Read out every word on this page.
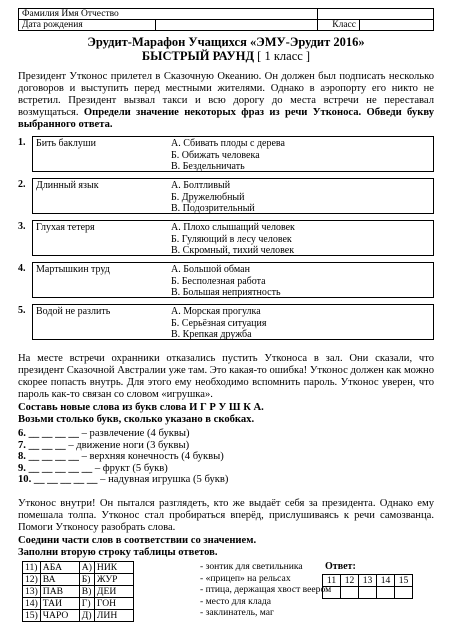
Фамилия Имя Отчество			
Дата рождения		Класс	
Эрудит-Марафон Учащихся «ЭМУ-Эрудит 2016»
БЫСТРЫЙ РАУНД [ 1 класс ]
Президент Утконос прилетел в Сказочную Океанию. Он должен был подписать несколько договоров и выступить перед местными жителями. Однако в аэропорту его никто не встретил. Президент вызвал такси и всю дорогу до места встречи не переставал возмущаться. Определи значение некоторых фраз из речи Утконоса. Обведи букву выбранного ответа.
1.	Бить баклуши	А. Сбивать плоды с дерева
Б. Обижать человека
В. Бездельничать
2.	Длинный язык	А. Болтливый
Б. Дружелюбный
В. Подозрительный
3.	Глухая тетеря	А. Плохо слышащий человек
Б. Гуляющий в лесу человек
В. Скромный, тихий человек
4.	Мартышкин труд	А. Большой обман
Б. Бесполезная работа
В. Большая неприятность
5.	Водой не разлить	А. Морская прогулка
Б. Серьёзная ситуация
В. Крепкая дружба
На месте встречи охранники отказались пустить Утконоса в зал. Они сказали, что президент Сказочной Австралии уже там. Это какая-то ошибка! Утконос должен как можно скорее попасть внутрь. Для этого ему необходимо вспомнить пароль. Утконос уверен, что пароль как-то связан со словом «игрушка».
Составь новые слова из букв слова И Г Р У Ш К А.
Возьми столько букв, сколько указано в скобках.
6. __ __ __ __ – развлечение (4 буквы)
7. __ __ __ – движение ноги (3 буквы)
8. __ __ __ __ – верхняя конечность (4 буквы)
9. __ __ __ __ __ – фрукт (5 букв)
10. __ __ __ __ __ – надувная игрушка (5 букв)
Утконос внутри! Он пытался разглядеть, кто же выдаёт себя за президента. Однако ему помешала толпа. Утконос стал пробираться вперёд, прислушиваясь к речи самозванца. Помоги Утконосу разобрать слова.
Соедини части слов в соответствии со значением.
Заполни вторую строку таблицы ответов.
11)	АБА	А)	НИК
12)	ВА	Б)	ЖУР
13)	ПАВ	В)	ДЕИ
14)	ТАИ	Г)	ГОН
15)	ЧАРО	Д)	ЛИН
- зонтик для светильника
- «прицеп» на рельсах
- птица, держащая хвост веером
- место для клада
- заклинатель, маг
Ответ:
11	12	13	14	15
